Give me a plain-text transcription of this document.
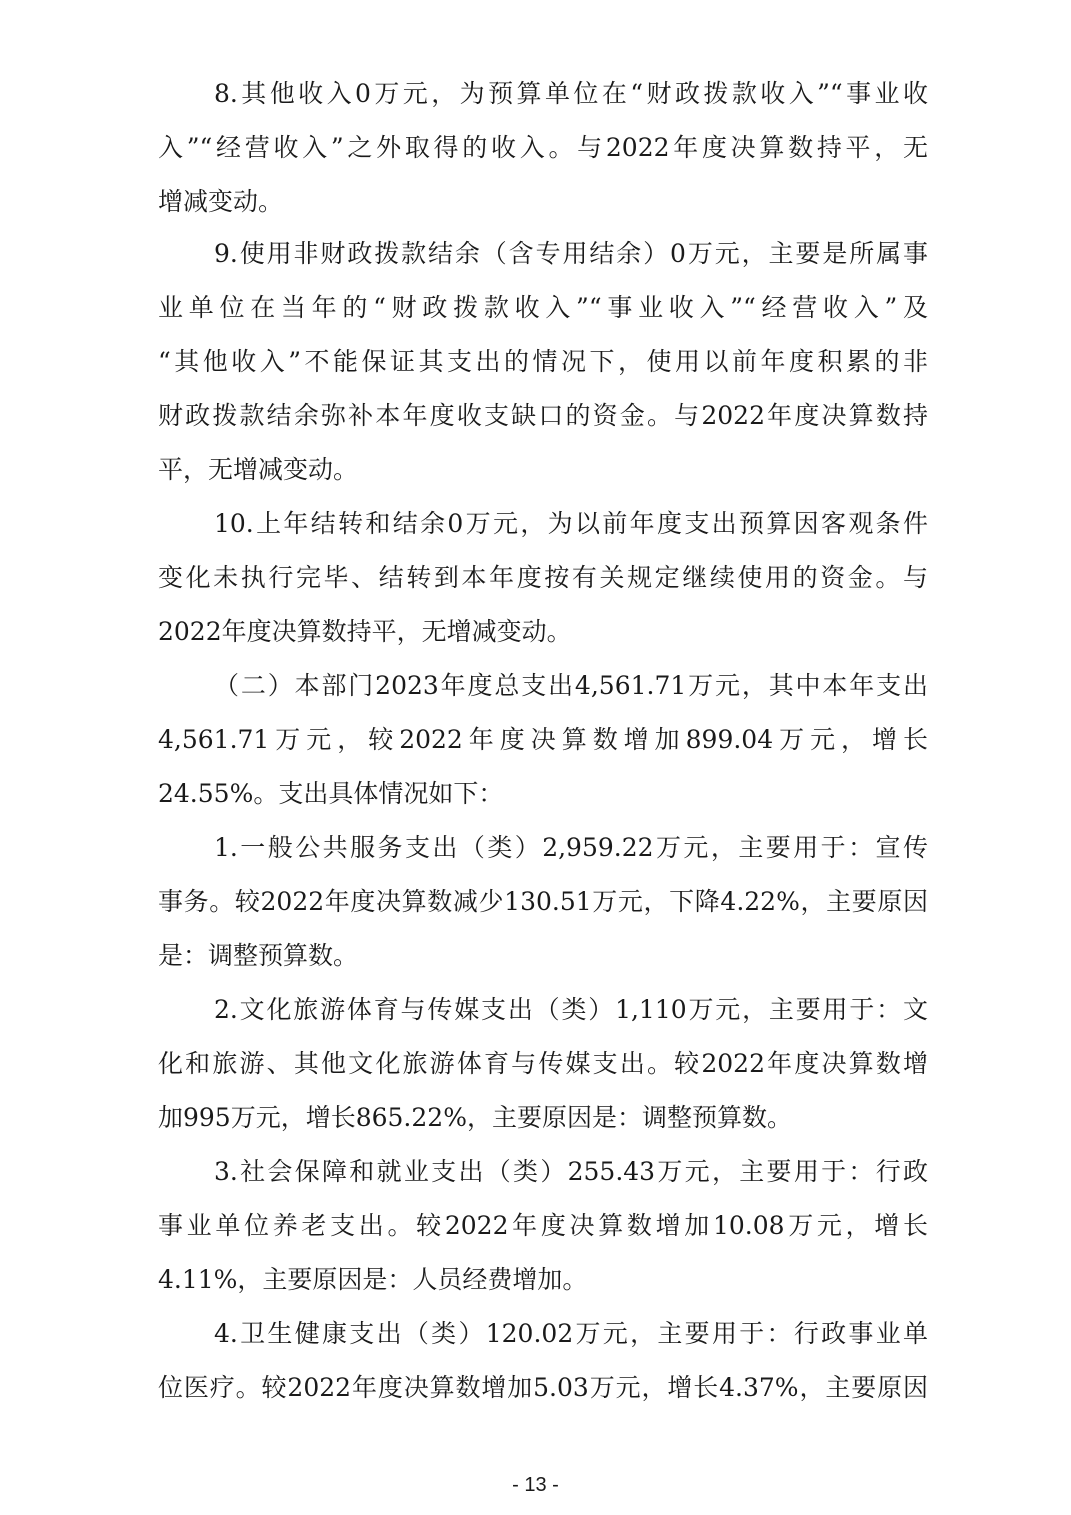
8.其他收入0万元，为预算单位在“财政拨款收入”“事业收
入”“经营收入”之外取得的收入。与2022年度决算数持平，无
增减变动。
9.使用非财政拨款结余（含专用结余）0万元，主要是所属事
业单位在当年的“财政拨款收入”“事业收入”“经营收入”及
“其他收入”不能保证其支出的情况下，使用以前年度积累的非
财政拨款结余弥补本年度收支缺口的资金。与2022年度决算数持
平，无增减变动。
10.上年结转和结余0万元，为以前年度支出预算因客观条件
变化未执行完毕、结转到本年度按有关规定继续使用的资金。与
2022年度决算数持平，无增减变动。
（二）本部门2023年度总支出4,561.71万元，其中本年支出
4,561.71万元，较2022年度决算数增加899.04万元，增长
24.55%。支出具体情况如下：
1.一般公共服务支出（类）2,959.22万元，主要用于：宣传
事务。较2022年度决算数减少130.51万元，下降4.22%，主要原因
是：调整预算数。
2.文化旅游体育与传媒支出（类）1,110万元，主要用于：文
化和旅游、其他文化旅游体育与传媒支出。较2022年度决算数增
加995万元，增长865.22%，主要原因是：调整预算数。
3.社会保障和就业支出（类）255.43万元，主要用于：行政
事业单位养老支出。较2022年度决算数增加10.08万元，增长
4.11%，主要原因是：人员经费增加。
4.卫生健康支出（类）120.02万元，主要用于：行政事业单
位医疗。较2022年度决算数增加5.03万元，增长4.37%，主要原因
- 13 -
